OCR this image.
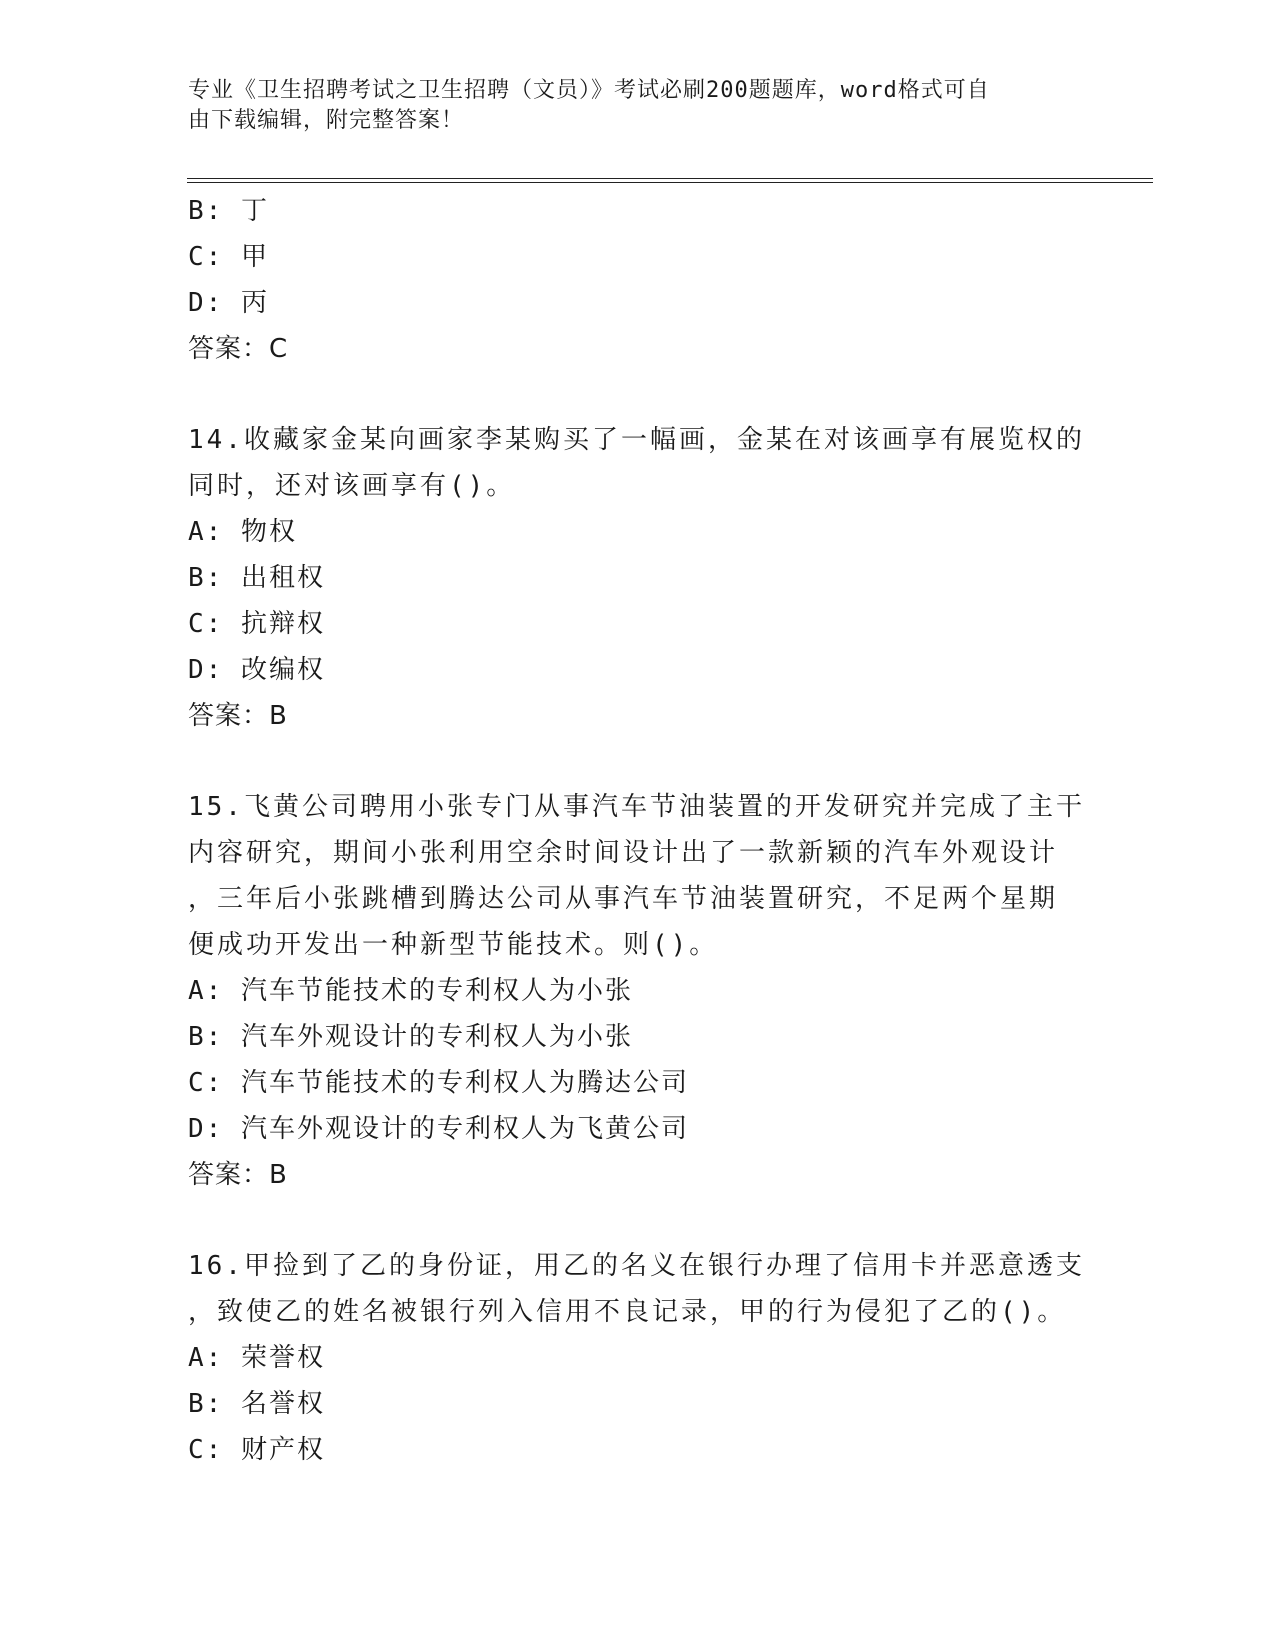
专业《卫生招聘考试之卫生招聘（文员）》考试必刷200题题库，word格式可自
由下载编辑，附完整答案！
B: 丁
C: 甲
D: 丙
答案：C
14.收藏家金某向画家李某购买了一幅画，金某在对该画享有展览权的
同时，还对该画享有()。
A: 物权
B: 出租权
C: 抗辩权
D: 改编权
答案：B
15.飞黄公司聘用小张专门从事汽车节油装置的开发研究并完成了主干
内容研究，期间小张利用空余时间设计出了一款新颖的汽车外观设计
，三年后小张跳槽到腾达公司从事汽车节油装置研究，不足两个星期
便成功开发出一种新型节能技术。则()。
A: 汽车节能技术的专利权人为小张
B: 汽车外观设计的专利权人为小张
C: 汽车节能技术的专利权人为腾达公司
D: 汽车外观设计的专利权人为飞黄公司
答案：B
16.甲捡到了乙的身份证，用乙的名义在银行办理了信用卡并恶意透支
，致使乙的姓名被银行列入信用不良记录，甲的行为侵犯了乙的()。
A: 荣誉权
B: 名誉权
C: 财产权
